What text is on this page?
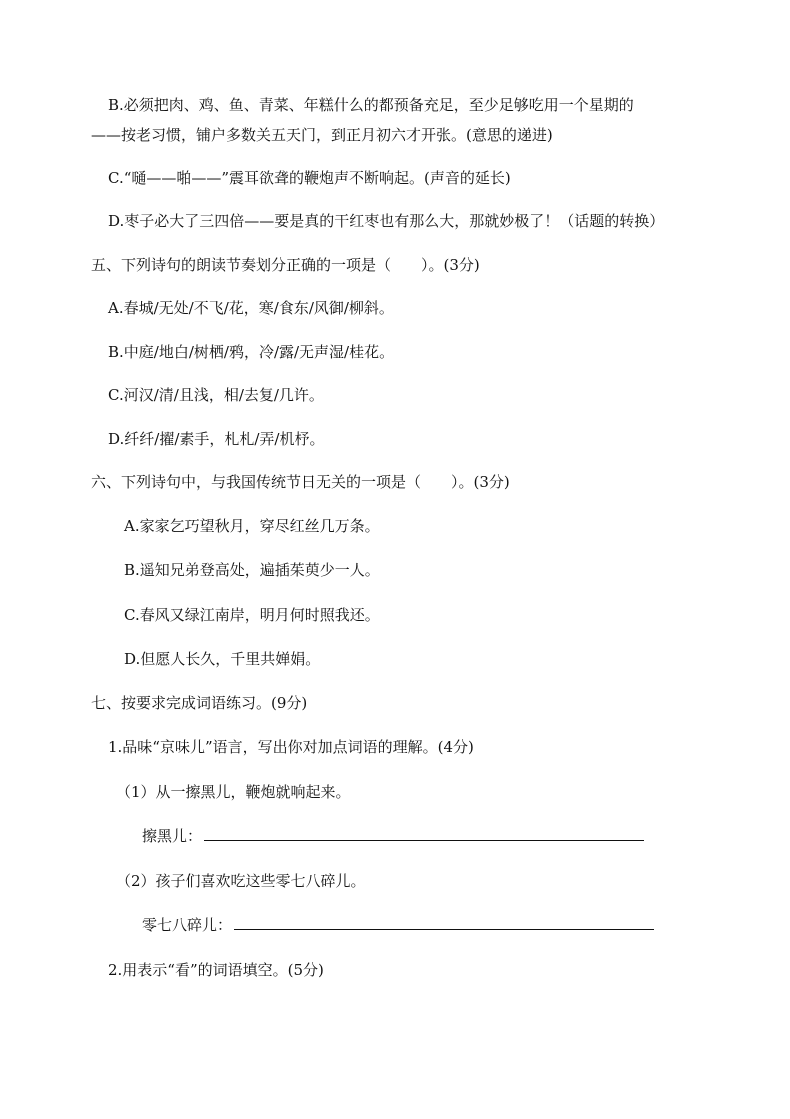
B.必须把肉、鸡、鱼、青菜、年糕什么的都预备充足，至少足够吃用一个星期的
——按老习惯，铺户多数关五天门，到正月初六才开张。(意思的递进)
C.“嗵——啪——”震耳欲聋的鞭炮声不断响起。(声音的延长)
D.枣子必大了三四倍——要是真的干红枣也有那么大，那就妙极了！（话题的转换）
五、下列诗句的朗读节奏划分正确的一项是（　　）。(3分)
A.春城/无处/不飞/花，寒/食东/风御/柳斜。
B.中庭/地白/树栖/鸦，冷/露/无声湿/桂花。
C.河汉/清/且浅，相/去复/几许。
D.纤纤/擢/素手，札札/弄/机杼。
六、下列诗句中，与我国传统节日无关的一项是（　　）。(3分)
A.家家乞巧望秋月，穿尽红丝几万条。
B.遥知兄弟登高处，遍插茱萸少一人。
C.春风又绿江南岸，明月何时照我还。
D.但愿人长久，千里共婵娟。
七、按要求完成词语练习。(9分)
1.品味“京味儿”语言，写出你对加点词语的理解。(4分)
（1）从一擦黑儿，鞭炮就响起来。
擦黑儿：
（2）孩子们喜欢吃这些零七八碎儿。
零七八碎儿：
2.用表示“看”的词语填空。(5分)
